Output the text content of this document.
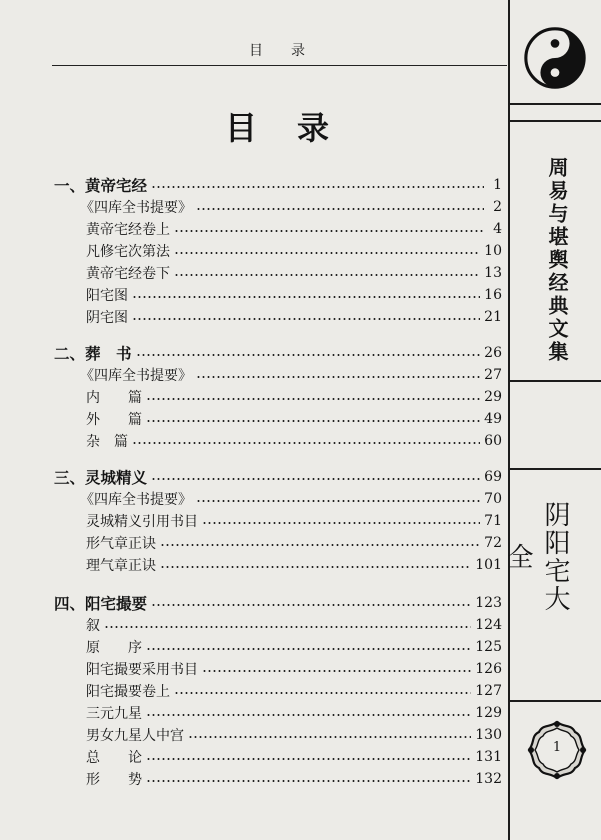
目录
目录
一、黄帝宅经	1
《四库全书提要》	2
黄帝宅经卷上	4
凡修宅次第法	10
黄帝宅经卷下	13
阳宅图	16
阴宅图	21
二、葬　书	26
《四库全书提要》	27
内　　篇	29
外　　篇	49
杂　篇	60
三、灵城精义	69
《四库全书提要》	70
灵城精义引用书目	71
形气章正诀	72
理气章正诀	101
四、阳宅撮要	123
叙	124
原　　序	125
阳宅撮要采用书目	126
阳宅撮要卷上	127
三元九星	129
男女九星人中宫	130
总　　论	131
形　　势	132
周易与堪舆经典文集
阴阳宅大全
1
